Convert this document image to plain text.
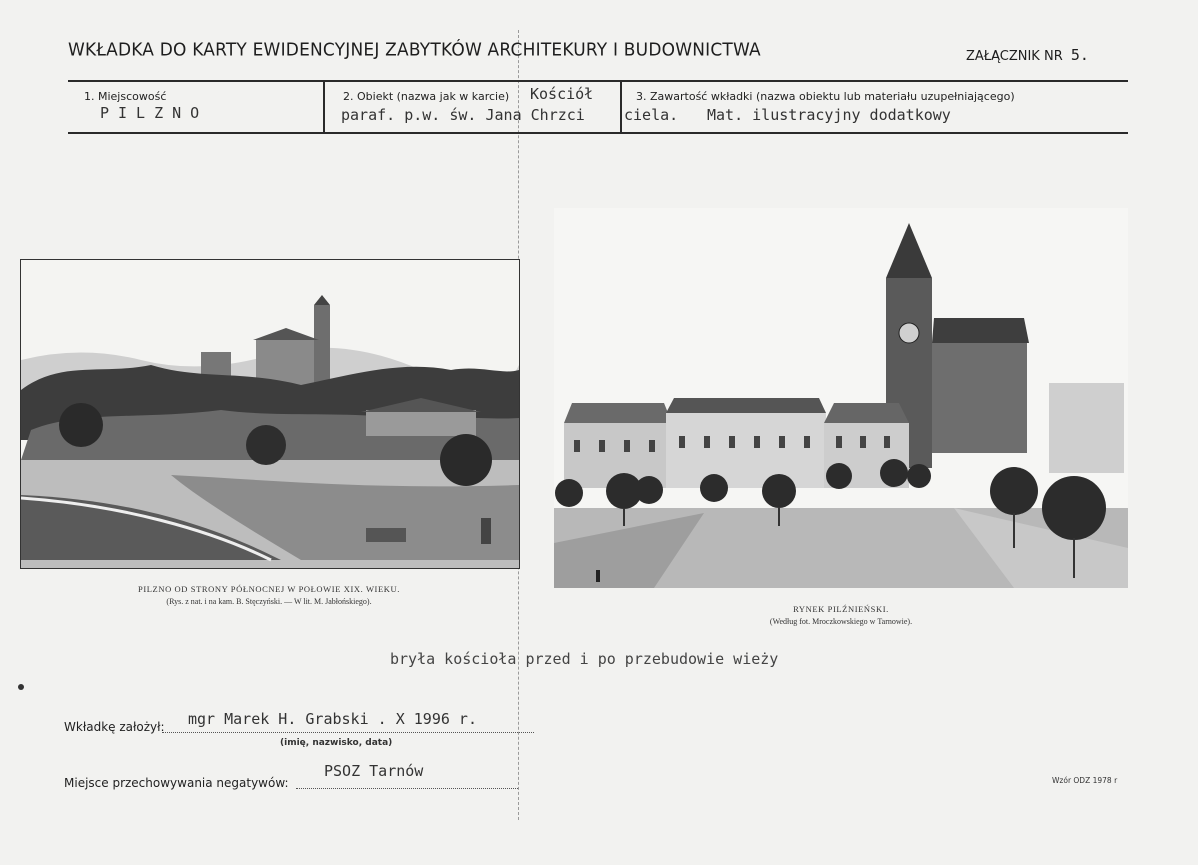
WKŁADKA DO KARTY EWIDENCYJNEJ ZABYTKÓW ARCHITEKURY I BUDOWNICTWA	ZAŁĄCZNIK NR 5.
1. Miejscowość
PILZNO
2. Obiekt (nazwa jak w karcie) Kościół
paraf. p.w. św. Jana Chrzci
3. Zawartość wkładki (nazwa obiektu lub materiału uzupełniającego)
ciela. Mat. ilustracyjny dodatkowy
PILZNO OD STRONY PÓŁNOCNEJ W POŁOWIE XIX. WIEKU.
(Rys. z nat. i na kam. B. Stęczyński. — W lit. M. Jabłońskiego).
RYNEK PILŹNIEŃSKI.
(Według fot. Mroczkowskiego w Tarnowie).
bryła kościoła przed i po przebudowie wieży
Wkładkę założył: mgr Marek H. Grabski . X 1996 r.
(imię, nazwisko, data)
Miejsce przechowywania negatywów:
PSOZ Tarnów
Wzór ODZ 1978 r
